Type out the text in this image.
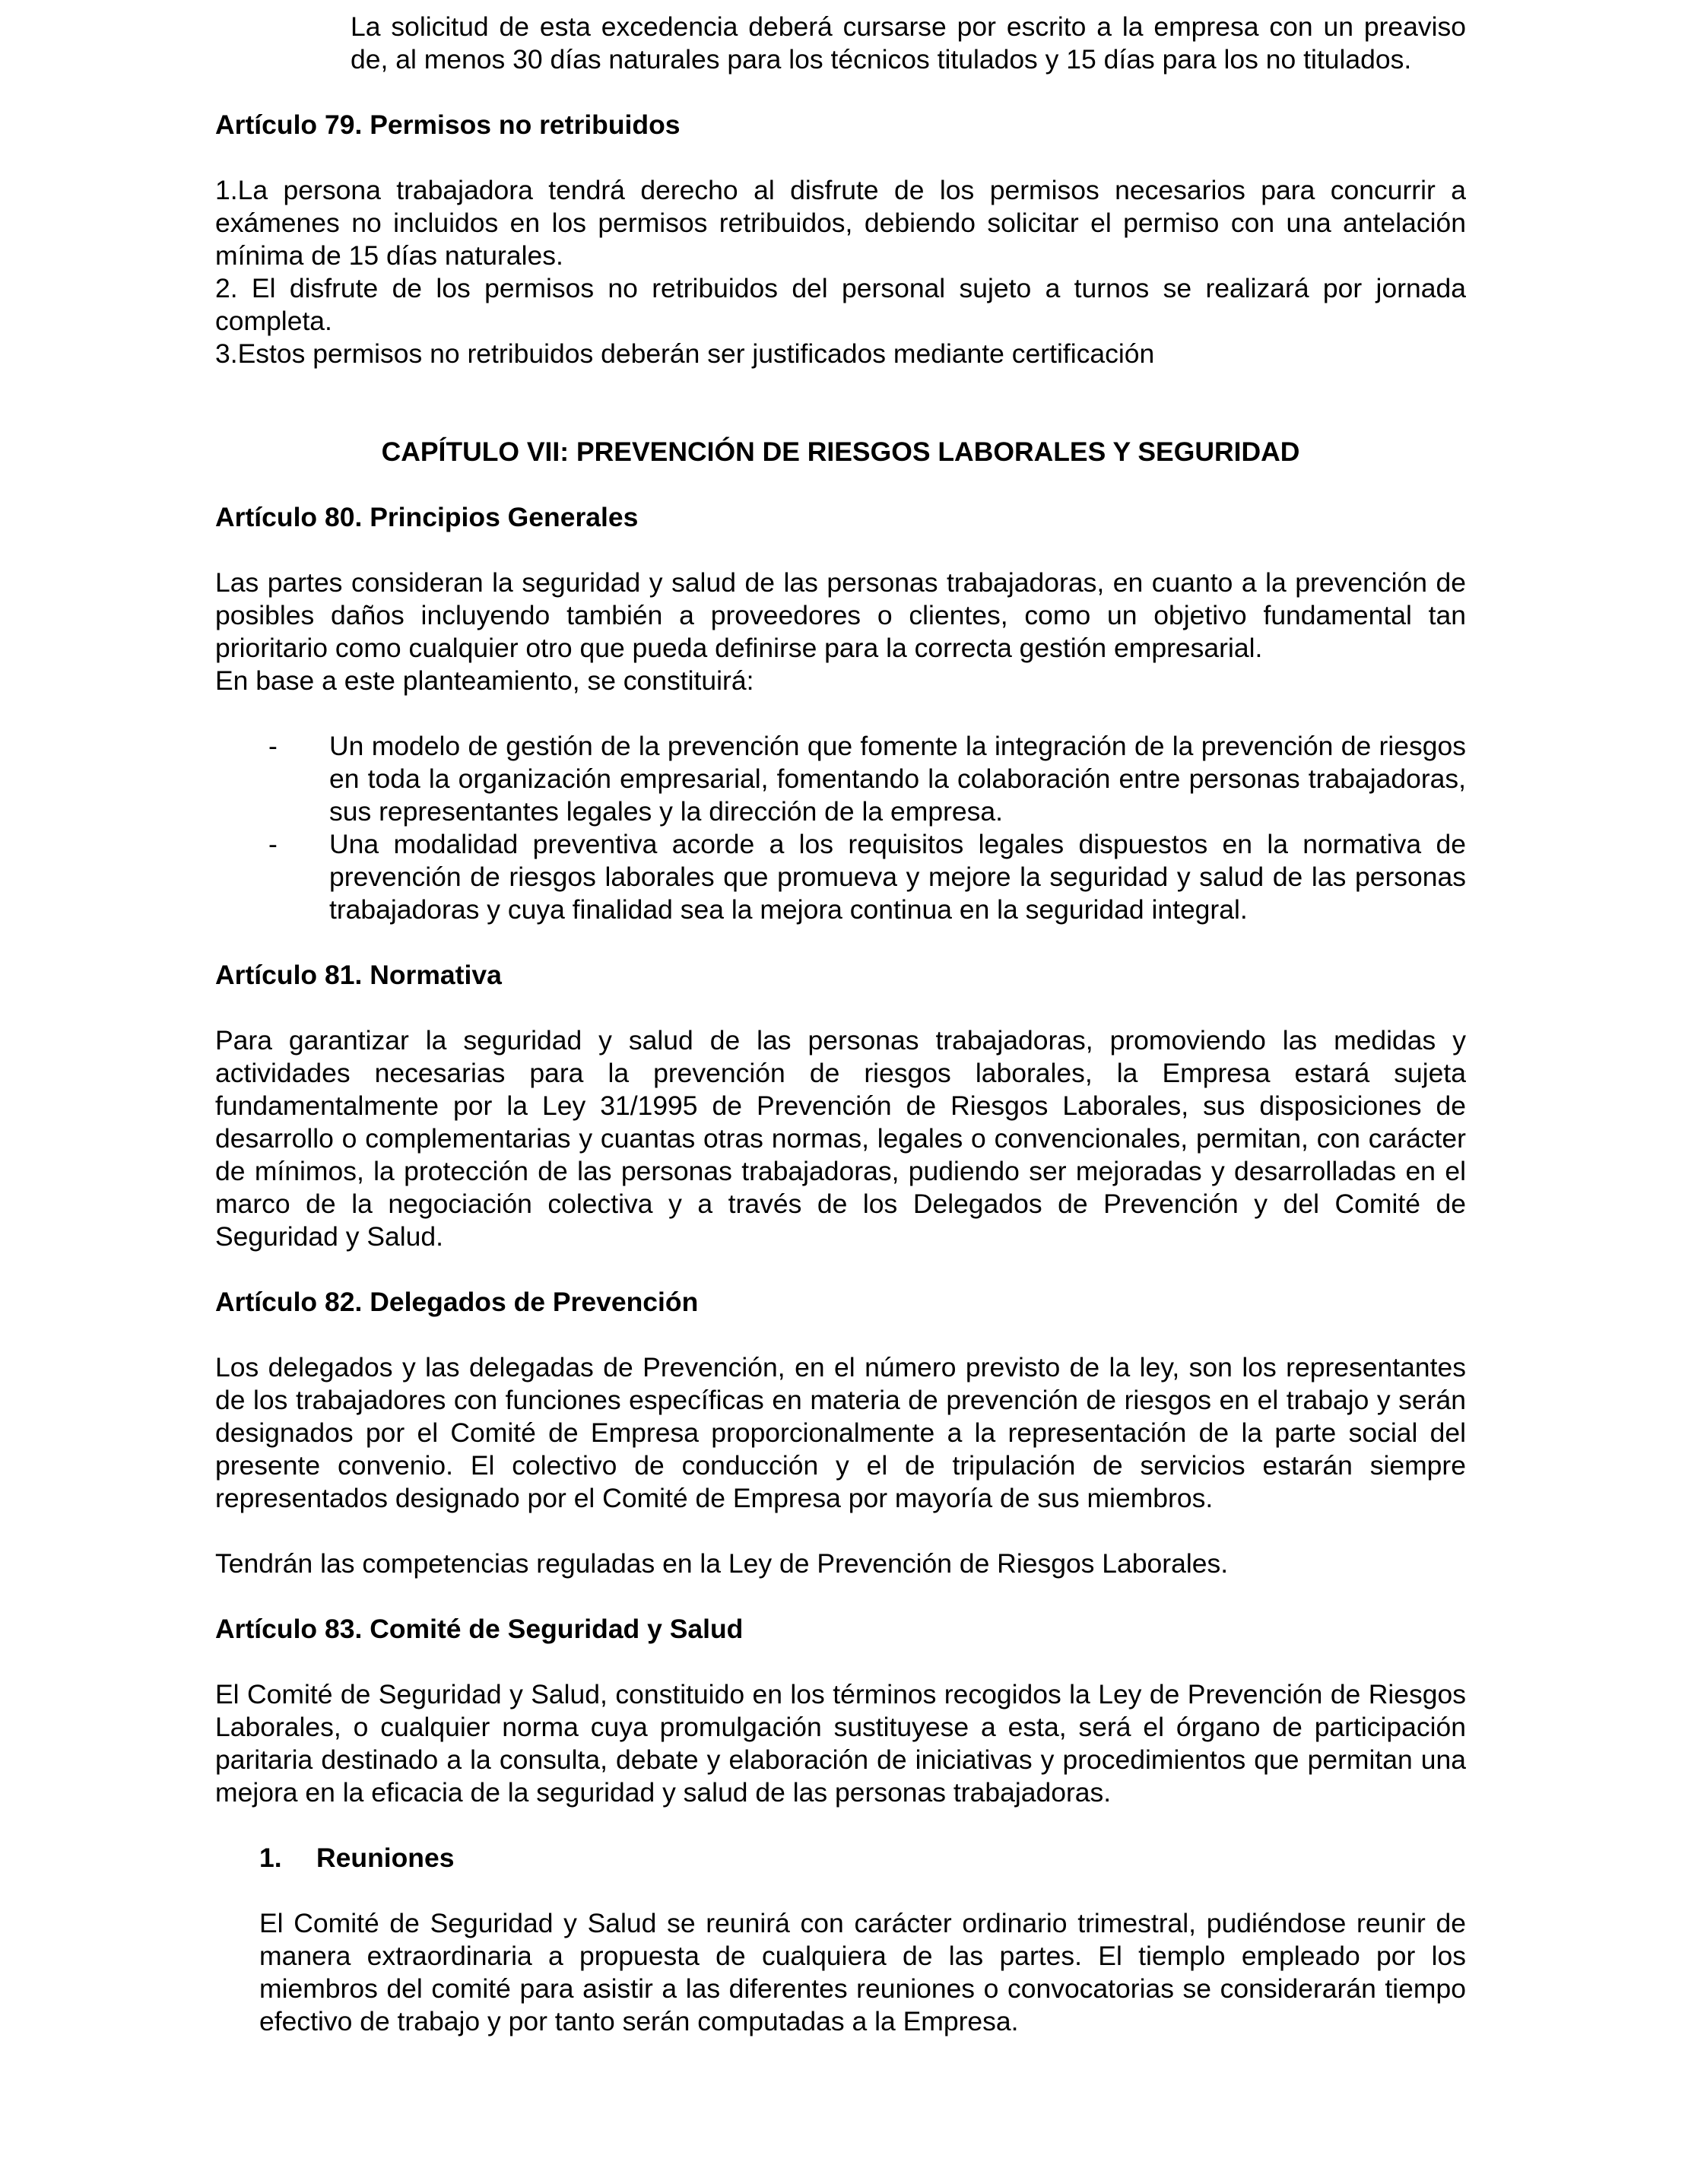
La solicitud de esta excedencia deberá cursarse por escrito a la empresa con un preaviso de, al menos 30 días naturales para los técnicos titulados y 15 días para los no titulados.

Artículo 79. Permisos no retribuidos

1.La persona trabajadora tendrá derecho al disfrute de los permisos necesarios para concurrir a exámenes no incluidos en los permisos retribuidos, debiendo solicitar el permiso con una antelación mínima de 15 días naturales.

2. El disfrute de los permisos no retribuidos del personal sujeto a turnos se realizará por jornada completa.

3.Estos permisos no retribuidos deberán ser justificados mediante certificación

CAPÍTULO VII: PREVENCIÓN DE RIESGOS LABORALES Y SEGURIDAD

Artículo 80. Principios Generales

Las partes consideran la seguridad y salud de las personas trabajadoras, en cuanto a la prevención de posibles daños incluyendo también a proveedores o clientes, como un objetivo fundamental tan prioritario como cualquier otro que pueda definirse para la correcta gestión empresarial.

En base a este planteamiento, se constituirá:

- Un modelo de gestión de la prevención que fomente la integración de la prevención de riesgos en toda la organización empresarial, fomentando la colaboración entre personas trabajadoras, sus representantes legales y la dirección de la empresa.
- Una modalidad preventiva acorde a los requisitos legales dispuestos en la normativa de prevención de riesgos laborales que promueva y mejore la seguridad y salud de las personas trabajadoras y cuya finalidad sea la mejora continua en la seguridad integral.

Artículo 81. Normativa

Para garantizar la seguridad y salud de las personas trabajadoras, promoviendo las medidas y actividades necesarias para la prevención de riesgos laborales, la Empresa estará sujeta fundamentalmente por la Ley 31/1995 de Prevención de Riesgos Laborales, sus disposiciones de desarrollo o complementarias y cuantas otras normas, legales o convencionales, permitan, con carácter de mínimos, la protección de las personas trabajadoras, pudiendo ser mejoradas y desarrolladas en el marco de la negociación colectiva y a través de los Delegados de Prevención y del Comité de Seguridad y Salud.

Artículo 82. Delegados de Prevención

Los delegados y las delegadas de Prevención, en el número previsto de la ley, son los representantes de los trabajadores con funciones específicas en materia de prevención de riesgos en el trabajo y serán designados por el Comité de Empresa proporcionalmente a la representación de la parte social del presente convenio. El colectivo de conducción y el de tripulación de servicios estarán siempre representados designado por el Comité de Empresa por mayoría de sus miembros.

Tendrán las competencias reguladas en la Ley de Prevención de Riesgos Laborales.

Artículo 83. Comité de Seguridad y Salud

El Comité de Seguridad y Salud, constituido en los términos recogidos la Ley de Prevención de Riesgos Laborales, o cualquier norma cuya promulgación sustituyese a esta, será el órgano de participación paritaria destinado a la consulta, debate y elaboración de iniciativas y procedimientos que permitan una mejora en la eficacia de la seguridad y salud de las personas trabajadoras.

1. Reuniones

El Comité de Seguridad y Salud se reunirá con carácter ordinario trimestral, pudiéndose reunir de manera extraordinaria a propuesta de cualquiera de las partes. El tiemplo empleado por los miembros del comité para asistir a las diferentes reuniones o convocatorias se considerarán tiempo efectivo de trabajo y por tanto serán computadas a la Empresa.
